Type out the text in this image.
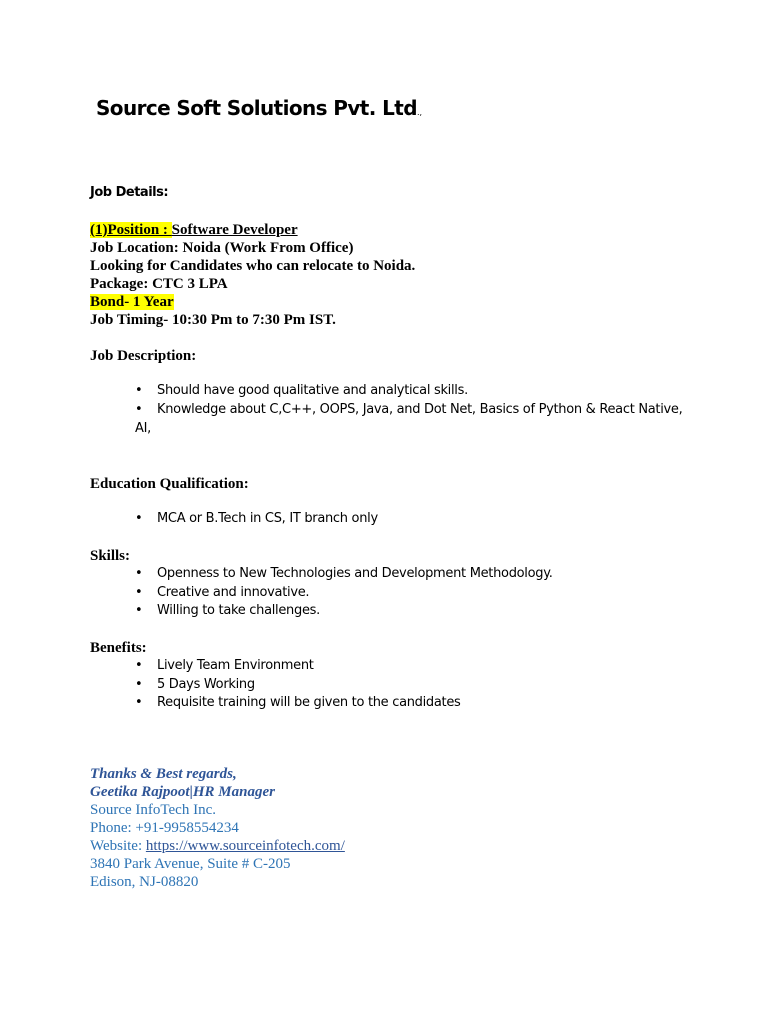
Source Soft Solutions Pvt. Ltd.,
Job Details:
(1)Position : Software Developer
Job Location: Noida (Work From Office)
Looking for Candidates who can relocate to Noida.
Package: CTC 3 LPA
Bond- 1 Year
Job Timing- 10:30 Pm to 7:30 Pm IST.
Job Description:
• Should have good qualitative and analytical skills.
• Knowledge about C,C++, OOPS, Java, and Dot Net, Basics of Python & React Native,
AI,
Education Qualification:
• MCA or B.Tech in CS, IT branch only
Skills:
• Openness to New Technologies and Development Methodology.
• Creative and innovative.
• Willing to take challenges.
Benefits:
• Lively Team Environment
• 5 Days Working
• Requisite training will be given to the candidates
Thanks & Best regards,
Geetika Rajpoot|HR Manager
Source InfoTech Inc.
Phone: +91-9958554234
Website: https://www.sourceinfotech.com/
3840 Park Avenue, Suite # C-205
Edison, NJ-08820
